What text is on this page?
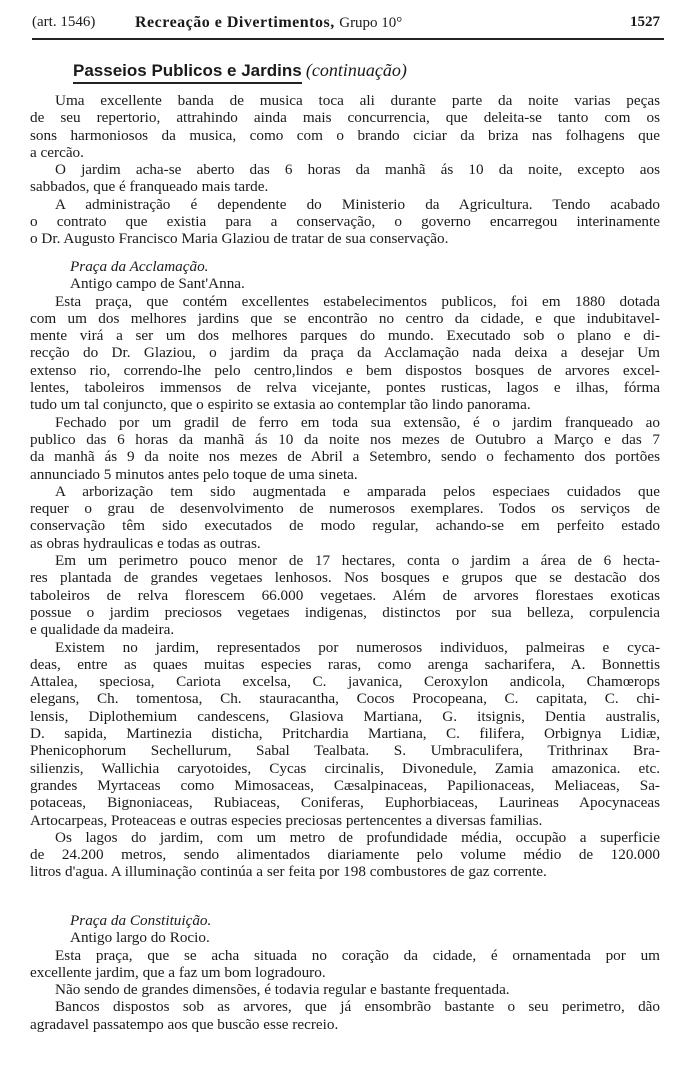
(art. 1546) Recreação e Divertimentos, Grupo 10°	1527
Passeios Publicos e Jardins (continuação)
Uma excellente banda de musica toca ali durante parte da noite varias peças
de seu repertorio, attrahindo ainda mais concurrencia, que deleita-se tanto com os
sons harmoniosos da musica, como com o brando ciciar da briza nas folhagens que
a cercão.
O jardim acha-se aberto das 6 horas da manhã ás 10 da noite, excepto aos
sabbados, que é franqueado mais tarde.
A administração é dependente do Ministerio da Agricultura. Tendo acabado
o contrato que existia para a conservação, o governo encarregou interinamente
o Dr. Augusto Francisco Maria Glaziou de tratar de sua conservação.
Praça da Acclamação.
Antigo campo de Sant'Anna.
Esta praça, que contém excellentes estabelecimentos publicos, foi em 1880 dotada
com um dos melhores jardins que se encontrão no centro da cidade, e que indubitavel-
mente virá a ser um dos melhores parques do mundo. Executado sob o plano e di-
recção do Dr. Glaziou, o jardim da praça da Acclamação nada deixa a desejar Um
extenso rio, correndo-lhe pelo centro,lindos e bem dispostos bosques de arvores excel-
lentes, taboleiros immensos de relva vicejante, pontes rusticas, lagos e ilhas, fórma
tudo um tal conjuncto, que o espirito se extasia ao contemplar tão lindo panorama.
Fechado por um gradil de ferro em toda sua extensão, é o jardim franqueado ao
publico das 6 horas da manhã ás 10 da noite nos mezes de Outubro a Março e das 7
da manhã ás 9 da noite nos mezes de Abril a Setembro, sendo o fechamento dos portões
annunciado 5 minutos antes pelo toque de uma sineta.
A arborização tem sido augmentada e amparada pelos especiaes cuidados que
requer o grau de desenvolvimento de numerosos exemplares. Todos os serviços de
conservação têm sido executados de modo regular, achando-se em perfeito estado
as obras hydraulicas e todas as outras.
Em um perimetro pouco menor de 17 hectares, conta o jardim a área de 6 hecta-
res plantada de grandes vegetaes lenhosos. Nos bosques e grupos que se destacão dos
taboleiros de relva florescem 66.000 vegetaes. Além de arvores florestaes exoticas
possue o jardim preciosos vegetaes indigenas, distinctos por sua belleza, corpulencia
e qualidade da madeira.
Existem no jardim, representados por numerosos individuos, palmeiras e cyca-
deas, entre as quaes muitas especies raras, como arenga sacharifera, A. Bonnettis
Attalea, speciosa, Cariota excelsa, C. javanica, Ceroxylon andicola, Chamœrops
elegans, Ch. tomentosa, Ch. stauracantha, Cocos Procopeana, C. capitata, C. chi-
lensis, Diplothemium candescens, Glasiova Martiana, G. itsignis, Dentia australis,
D. sapida, Martinezia disticha, Pritchardia Martiana, C. filifera, Orbignya Lidiæ,
Phenicophorum Sechellurum, Sabal Tealbata. S. Umbraculifera, Trithrinax Bra-
silienzis, Wallichia caryotoides, Cycas circinalis, Divonedule, Zamia amazonica. etc.
grandes Myrtaceas como Mimosaceas, Cæsalpinaceas, Papilionaceas, Meliaceas, Sa-
potaceas, Bignoniaceas, Rubiaceas, Coniferas, Euphorbiaceas, Laurineas Apocynaceas
Artocarpeas, Proteaceas e outras especies preciosas pertencentes a diversas familias.
Os lagos do jardim, com um metro de profundidade média, occupão a superficie
de 24.200 metros, sendo alimentados diariamente pelo volume médio de 120.000
litros d'agua. A illuminação continúa a ser feita por 198 combustores de gaz corrente.
Praça da Constituição.
Antigo largo do Rocio.
Esta praça, que se acha situada no coração da cidade, é ornamentada por um
excellente jardim, que a faz um bom logradouro.
Não sendo de grandes dimensões, é todavia regular e bastante frequentada.
Bancos dispostos sob as arvores, que já ensombrão bastante o seu perimetro, dão
agradavel passatempo aos que buscão esse recreio.
